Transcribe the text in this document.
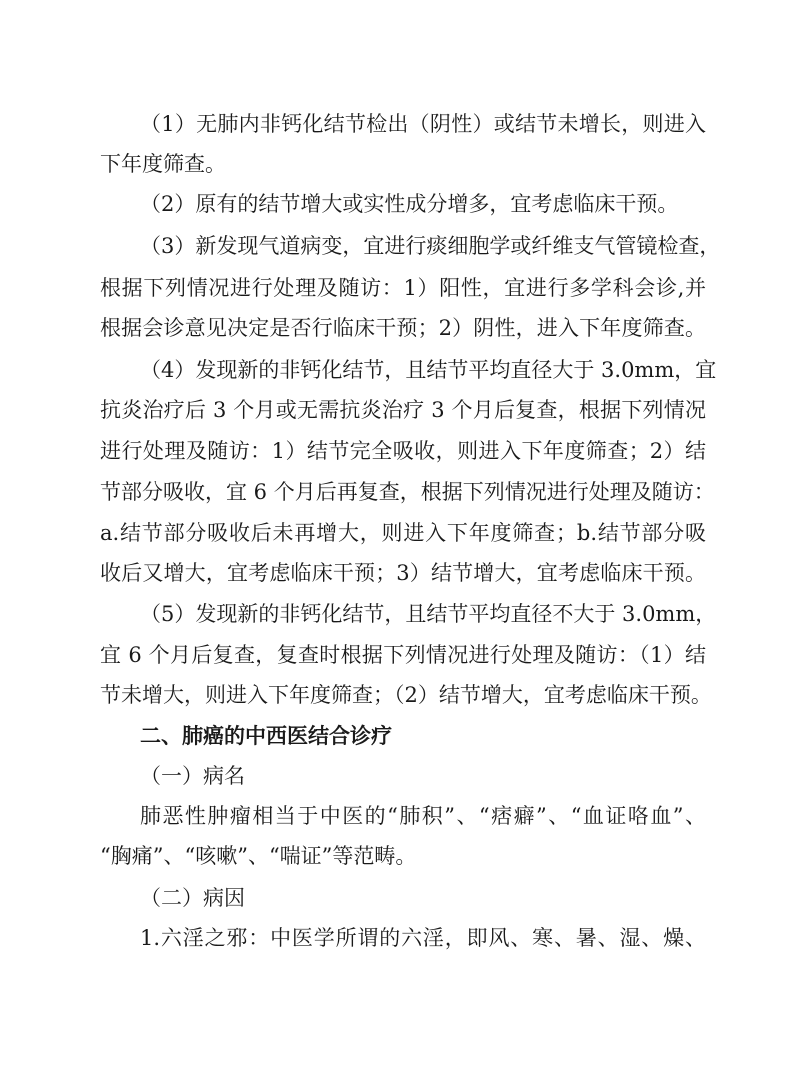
（1）无肺内非钙化结节检出（阴性）或结节未增长，则进入
下年度筛查。
（2）原有的结节增大或实性成分增多，宜考虑临床干预。
（3）新发现气道病变，宜进行痰细胞学或纤维支气管镜检查，
根据下列情况进行处理及随访：1）阳性，宜进行多学科会诊,并
根据会诊意见决定是否行临床干预；2）阴性，进入下年度筛查。
（4）发现新的非钙化结节，且结节平均直径大于 3.0mm，宜
抗炎治疗后 3 个月或无需抗炎治疗 3 个月后复查，根据下列情况
进行处理及随访：1）结节完全吸收，则进入下年度筛查；2）结
节部分吸收，宜 6 个月后再复查，根据下列情况进行处理及随访：
a.结节部分吸收后未再增大，则进入下年度筛查；b.结节部分吸
收后又增大，宜考虑临床干预；3）结节增大，宜考虑临床干预。
（5）发现新的非钙化结节，且结节平均直径不大于 3.0mm，
宜 6 个月后复查，复查时根据下列情况进行处理及随访：（1）结
节未增大，则进入下年度筛查；（2）结节增大，宜考虑临床干预。
二、肺癌的中西医结合诊疗
（一）病名
肺恶性肿瘤相当于中医的“肺积”、“痞癖”、“血证咯血”、
“胸痛”、“咳嗽”、“喘证”等范畴。
（二）病因
1.六淫之邪：中医学所谓的六淫，即风、寒、暑、湿、燥、
